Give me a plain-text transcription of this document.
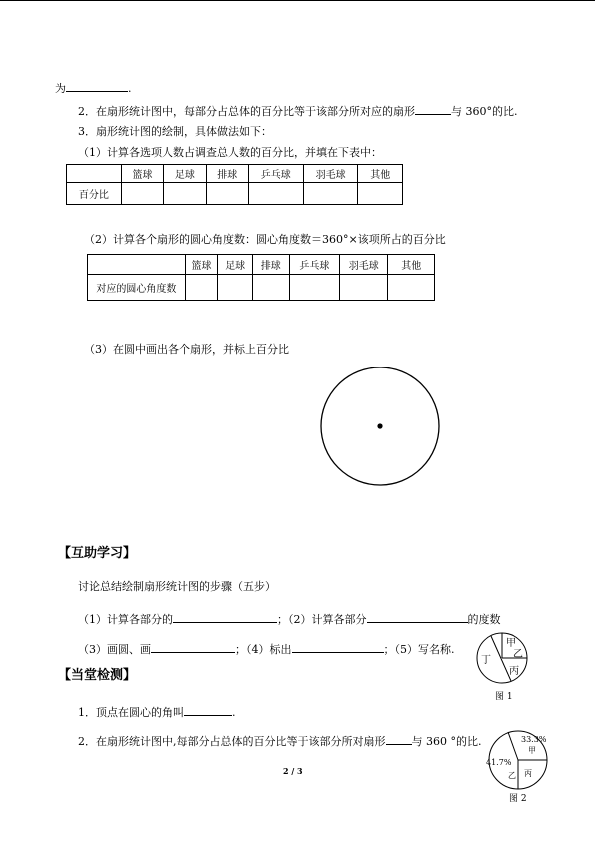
为	.
2．在扇形统计图中，每部分占总体的百分比等于该部分所对应的扇形	与 360°的比.
3．扇形统计图的绘制，具体做法如下：
（1）计算各选项人数占调查总人数的百分比，并填在下表中：
	篮球	足球	排球	乒乓球	羽毛球	其他
百分比						
（2）计算各个扇形的圆心角度数：圆心角度数＝360°×该项所占的百分比
	篮球	足球	排球	乒乓球	羽毛球	其他
对应的圆心角度数						
（3）在圆中画出各个扇形，并标上百分比
【互助学习】
讨论总结绘制扇形统计图的步骤（五步）
（1）计算各部分的	；（2）计算各部分	的度数
（3）画圆、画	；（4）标出	；（5）写名称.	甲
乙
丙
丁
图 1
【当堂检测】
1．顶点在圆心的角叫	.
2．在扇形统计图中,每部分占总体的百分比等于该部分所对扇形 与 360 °的比.	33.3%
甲
乙 丙
41.7%
图 2
2 / 3
